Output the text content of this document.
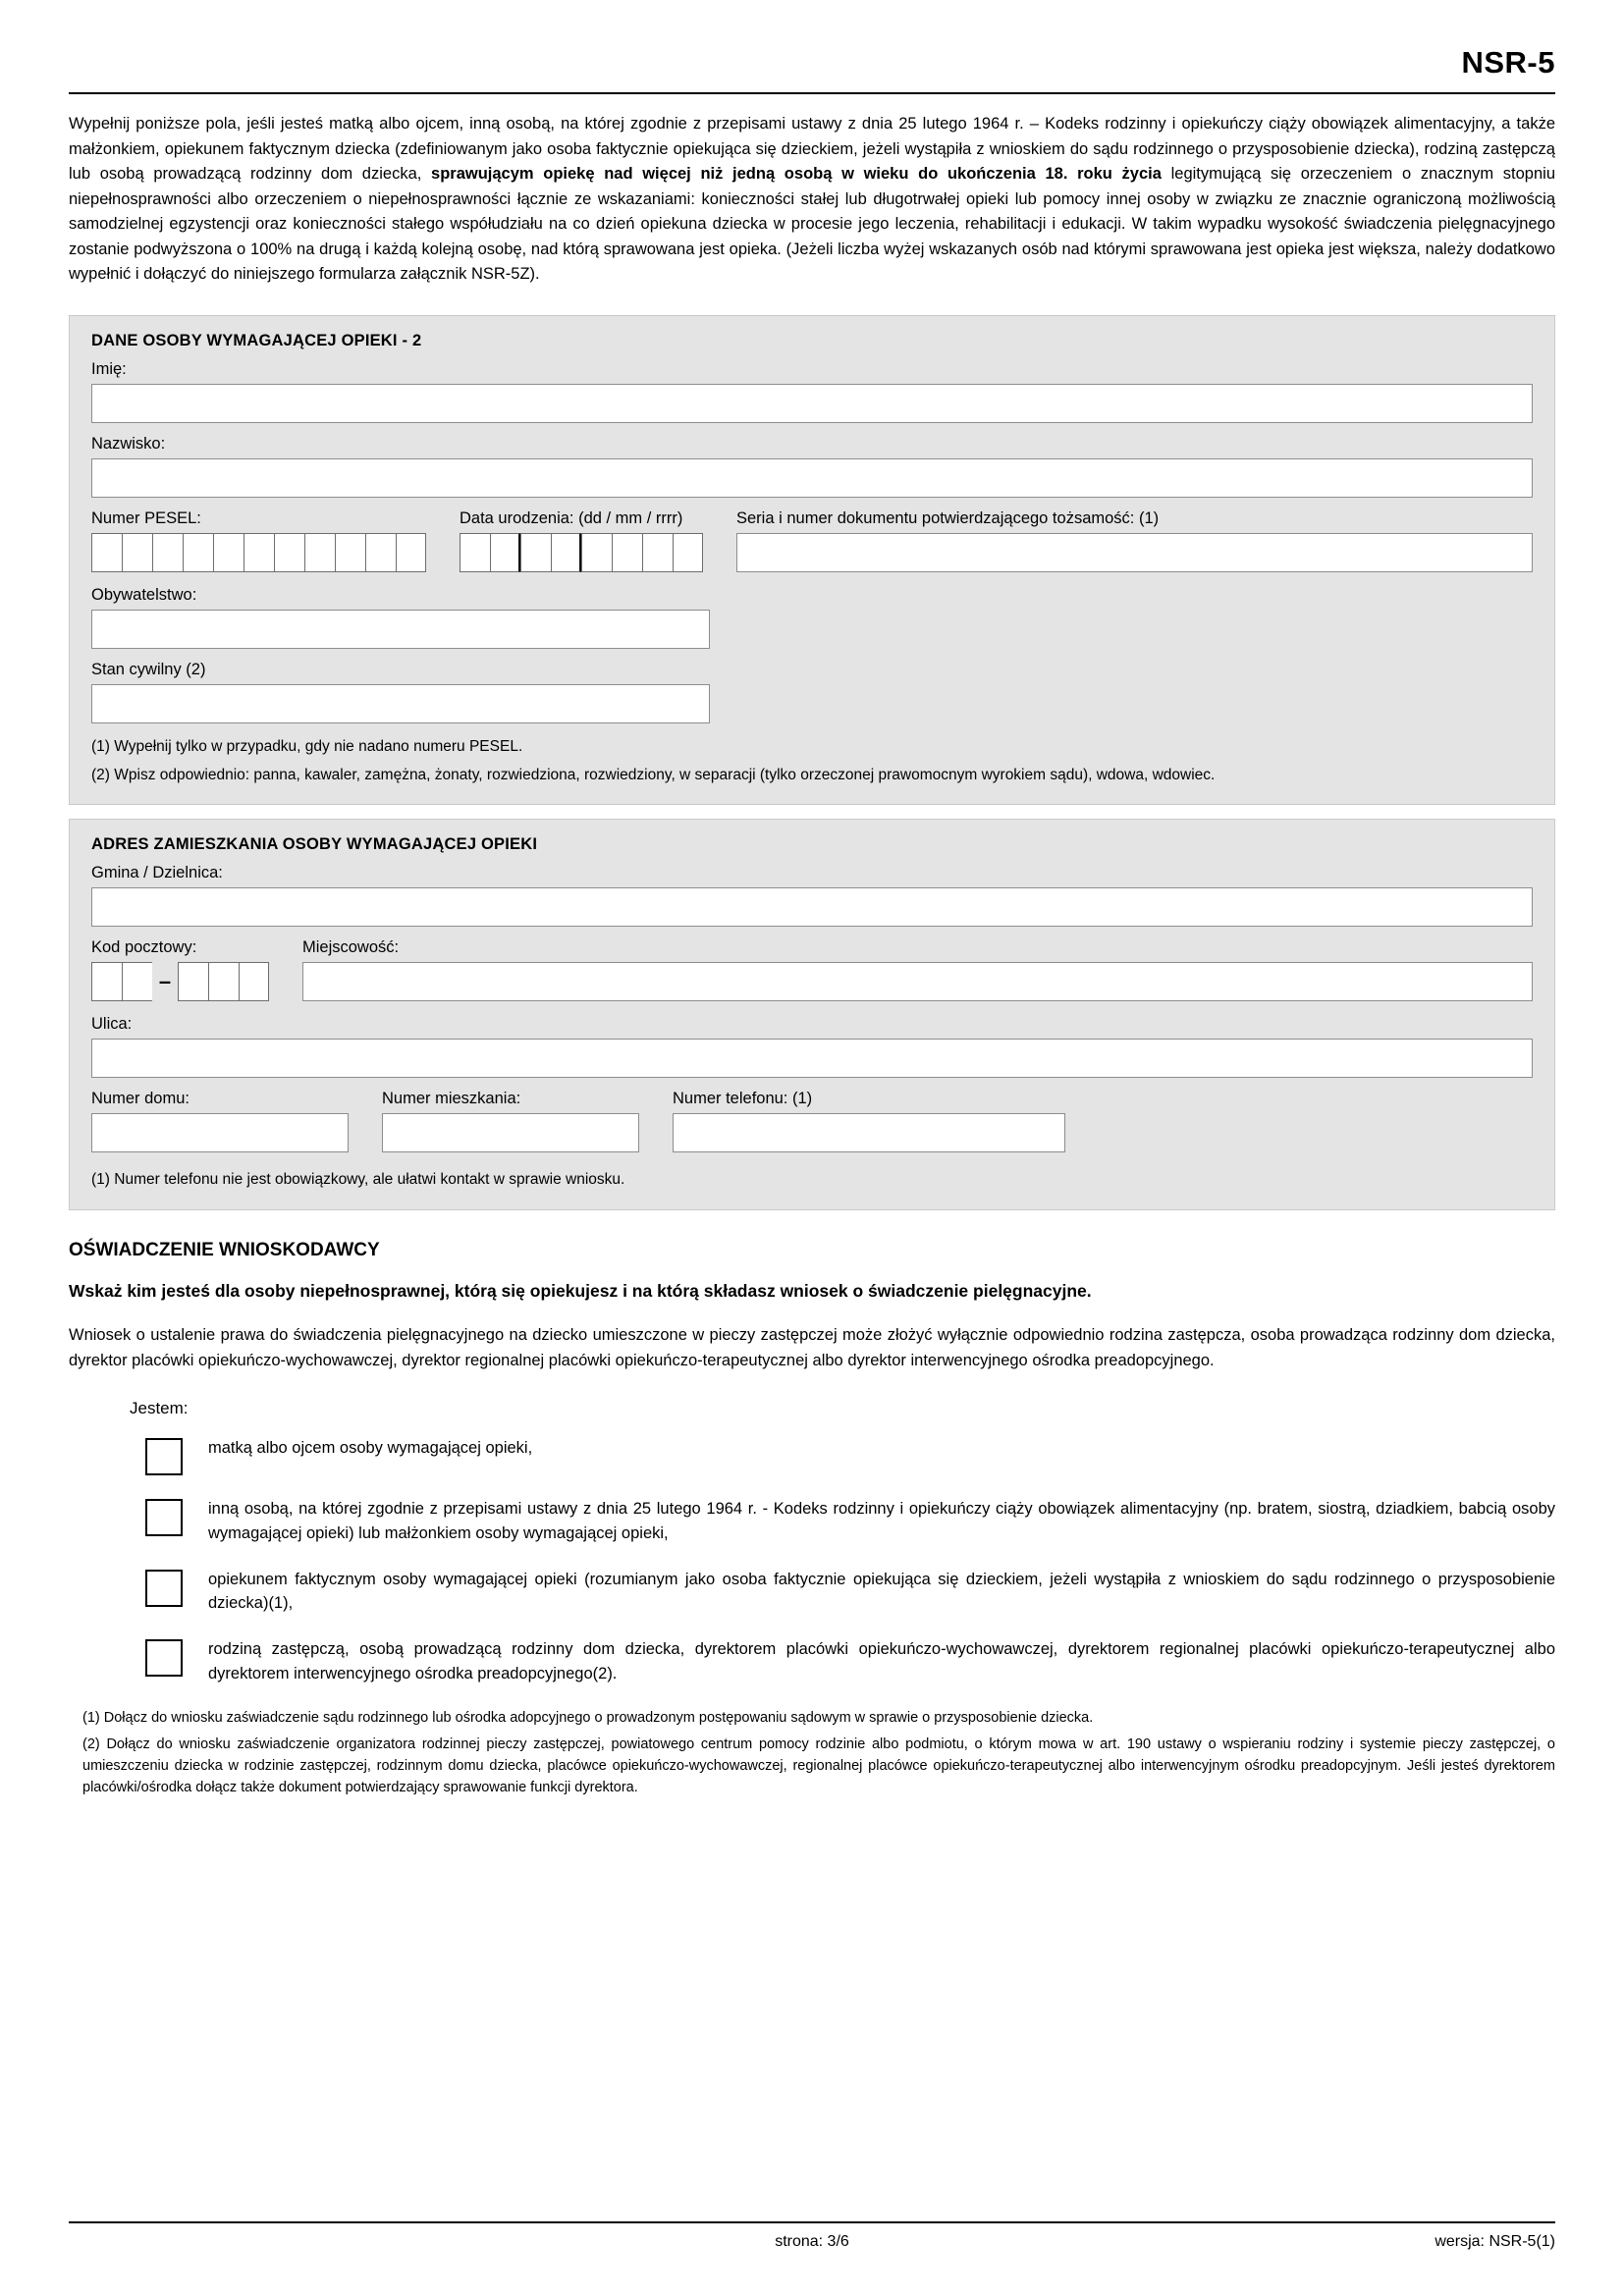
NSR-5
Wypełnij poniższe pola, jeśli jesteś matką albo ojcem, inną osobą, na której zgodnie z przepisami ustawy z dnia 25 lutego 1964 r. – Kodeks rodzinny i opiekuńczy ciąży obowiązek alimentacyjny, a także małżonkiem, opiekunem faktycznym dziecka (zdefiniowanym jako osoba faktycznie opiekująca się dzieckiem, jeżeli wystąpiła z wnioskiem do sądu rodzinnego o przysposobienie dziecka), rodziną zastępczą lub osobą prowadzącą rodzinny dom dziecka, sprawującym opiekę nad więcej niż jedną osobą w wieku do ukończenia 18. roku życia legitymującą się orzeczeniem o znacznym stopniu niepełnosprawności albo orzeczeniem o niepełnosprawności łącznie ze wskazaniami: konieczności stałej lub długotrwałej opieki lub pomocy innej osoby w związku ze znacznie ograniczoną możliwością samodzielnej egzystencji oraz konieczności stałego współudziału na co dzień opiekuna dziecka w procesie jego leczenia, rehabilitacji i edukacji. W takim wypadku wysokość świadczenia pielęgnacyjnego zostanie podwyższona o 100% na drugą i każdą kolejną osobę, nad którą sprawowana jest opieka. (Jeżeli liczba wyżej wskazanych osób nad którymi sprawowana jest opieka jest większa, należy dodatkowo wypełnić i dołączyć do niniejszego formularza załącznik NSR-5Z).
DANE OSOBY WYMAGAJĄCEJ OPIEKI - 2
Imię:
Nazwisko:
Numer PESEL:	Data urodzenia: (dd / mm / rrrr)	Seria i numer dokumentu potwierdzającego tożsamość: (1)
Obywatelstwo:
Stan cywilny (2)
(1) Wypełnij tylko w przypadku, gdy nie nadano numeru PESEL.
(2) Wpisz odpowiednio: panna, kawaler, zamężna, żonaty, rozwiedziona, rozwiedziony, w separacji (tylko orzeczonej prawomocnym wyrokiem sądu), wdowa, wdowiec.
ADRES ZAMIESZKANIA OSOBY WYMAGAJĄCEJ OPIEKI
Gmina / Dzielnica:
Kod pocztowy:
–
Miejscowość:
Ulica:
Numer domu:	Numer mieszkania:	Numer telefonu: (1)
(1) Numer telefonu nie jest obowiązkowy, ale ułatwi kontakt w sprawie wniosku.
OŚWIADCZENIE WNIOSKODAWCY
Wskaż kim jesteś dla osoby niepełnosprawnej, którą się opiekujesz i na którą składasz wniosek o świadczenie pielęgnacyjne.
Wniosek o ustalenie prawa do świadczenia pielęgnacyjnego na dziecko umieszczone w pieczy zastępczej może złożyć wyłącznie odpowiednio rodzina zastępcza, osoba prowadząca rodzinny dom dziecka, dyrektor placówki opiekuńczo-wychowawczej, dyrektor regionalnej placówki opiekuńczo-terapeutycznej albo dyrektor interwencyjnego ośrodka preadopcyjnego.
Jestem:
matką albo ojcem osoby wymagającej opieki,
inną osobą, na której zgodnie z przepisami ustawy z dnia 25 lutego 1964 r. - Kodeks rodzinny i opiekuńczy ciąży obowiązek alimentacyjny (np. bratem, siostrą, dziadkiem, babcią osoby wymagającej opieki) lub małżonkiem osoby wymagającej opieki,
opiekunem faktycznym osoby wymagającej opieki (rozumianym jako osoba faktycznie opiekująca się dzieckiem, jeżeli wystąpiła z wnioskiem do sądu rodzinnego o przysposobienie dziecka)(1),
rodziną zastępczą, osobą prowadzącą rodzinny dom dziecka, dyrektorem placówki opiekuńczo-wychowawczej, dyrektorem regionalnej placówki opiekuńczo-terapeutycznej albo dyrektorem interwencyjnego ośrodka preadopcyjnego(2).

(1) Dołącz do wniosku zaświadczenie sądu rodzinnego lub ośrodka adopcyjnego o prowadzonym postępowaniu sądowym w sprawie o przysposobienie dziecka.

(2) Dołącz do wniosku zaświadczenie organizatora rodzinnej pieczy zastępczej, powiatowego centrum pomocy rodzinie albo podmiotu, o którym mowa w art. 190 ustawy o wspieraniu rodziny i systemie pieczy zastępczej, o umieszczeniu dziecka w rodzinie zastępczej, rodzinnym domu dziecka, placówce opiekuńczo-wychowawczej, regionalnej placówce opiekuńczo-terapeutycznej albo interwencyjnym ośrodku preadopcyjnym. Jeśli jesteś dyrektorem placówki/ośrodka dołącz także dokument potwierdzający sprawowanie funkcji dyrektora.

strona: 3/6	wersja: NSR-5(1)
